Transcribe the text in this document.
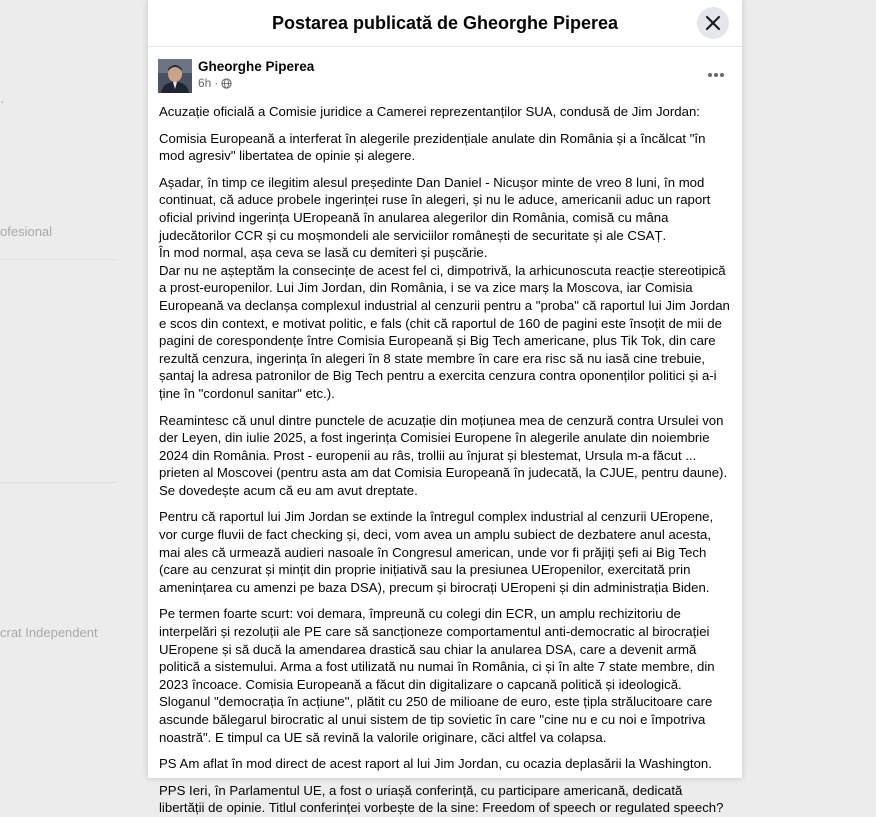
·
ofesional
crat Independent
Postarea publicată de Gheorghe Piperea
Gheorghe Piperea
6h ·

Acuzație oficială a Comisie juridice a Camerei reprezentanților SUA, condusă de Jim Jordan:

Comisia Europeană a interferat în alegerile prezidențiale anulate din România și a încălcat "în mod agresiv" libertatea de opinie și alegere.

Așadar, în timp ce ilegitim alesul președinte Dan Daniel - Nicușor minte de vreo 8 luni, în mod continuat, că aduce probele ingerinței ruse în alegeri, și nu le aduce, americanii aduc un raport oficial privind ingerința UEropeană în anularea alegerilor din România, comisă cu mâna judecătorilor CCR și cu moșmondeli ale serviciilor românești de securitate și ale CSAȚ.
În mod normal, așa ceva se lasă cu demiteri și pușcărie.
Dar nu ne așteptăm la consecințe de acest fel ci, dimpotrivă, la arhicunoscuta reacție stereotipică a prost-europenilor. Lui Jim Jordan, din România, i se va zice marș la Moscova, iar Comisia Europeană va declanșa complexul industrial al cenzurii pentru a "proba" că raportul lui Jim Jordan e scos din context, e motivat politic, e fals (chit că raportul de 160 de pagini este însoțit de mii de pagini de corespondențe între Comisia Europeană și Big Tech americane, plus Tik Tok, din care rezultă cenzura, ingerința în alegeri în 8 state membre în care era risc să nu iasă cine trebuie, șantaj la adresa patronilor de Big Tech pentru a exercita cenzura contra oponenților politici și a-i ține în "cordonul sanitar" etc.).

Reamintesc că unul dintre punctele de acuzație din moțiunea mea de cenzură contra Ursulei von der Leyen, din iulie 2025, a fost ingerința Comisiei Europene în alegerile anulate din noiembrie 2024 din România. Prost - europenii au râs, trollii au înjurat și blestemat, Ursula m-a făcut ... prieten al Moscovei (pentru asta am dat Comisia Europeană în judecată, la CJUE, pentru daune). Se dovedește acum că eu am avut dreptate.

Pentru că raportul lui Jim Jordan se extinde la întregul complex industrial al cenzurii UEropene, vor curge fluvii de fact checking și, deci, vom avea un amplu subiect de dezbatere anul acesta, mai ales că urmează audieri nasoale în Congresul american, unde vor fi prăjiți șefi ai Big Tech (care au cenzurat și mințit din proprie inițiativă sau la presiunea UEropenilor, exercitată prin amenințarea cu amenzi pe baza DSA), precum și birocrați UEropeni și din administrația Biden.

Pe termen foarte scurt: voi demara, împreună cu colegi din ECR, un amplu rechizitoriu de interpelări și rezoluții ale PE care să sancționeze comportamentul anti-democratic al birocrației UEropene și să ducă la amendarea drastică sau chiar la anularea DSA, care a devenit armă politică a sistemului. Arma a fost utilizată nu numai în România, ci și în alte 7 state membre, din 2023 încoace. Comisia Europeană a făcut din digitalizare o capcană politică și ideologică. Sloganul "democrația în acțiune", plătit cu 250 de milioane de euro, este țipla strălucitoare care ascunde bălegarul birocratic al unui sistem de tip sovietic în care "cine nu e cu noi e împotriva noastră". E timpul ca UE să revină la valorile originare, căci altfel va colapsa.

PS Am aflat în mod direct de acest raport al lui Jim Jordan, cu ocazia deplasării la Washington.

PPS Ieri, în Parlamentul UE, a fost o uriașă conferință, cu participare americană, dedicată libertății de opinie. Titlul conferinței vorbește de la sine: Freedom of speech or regulated speech?
